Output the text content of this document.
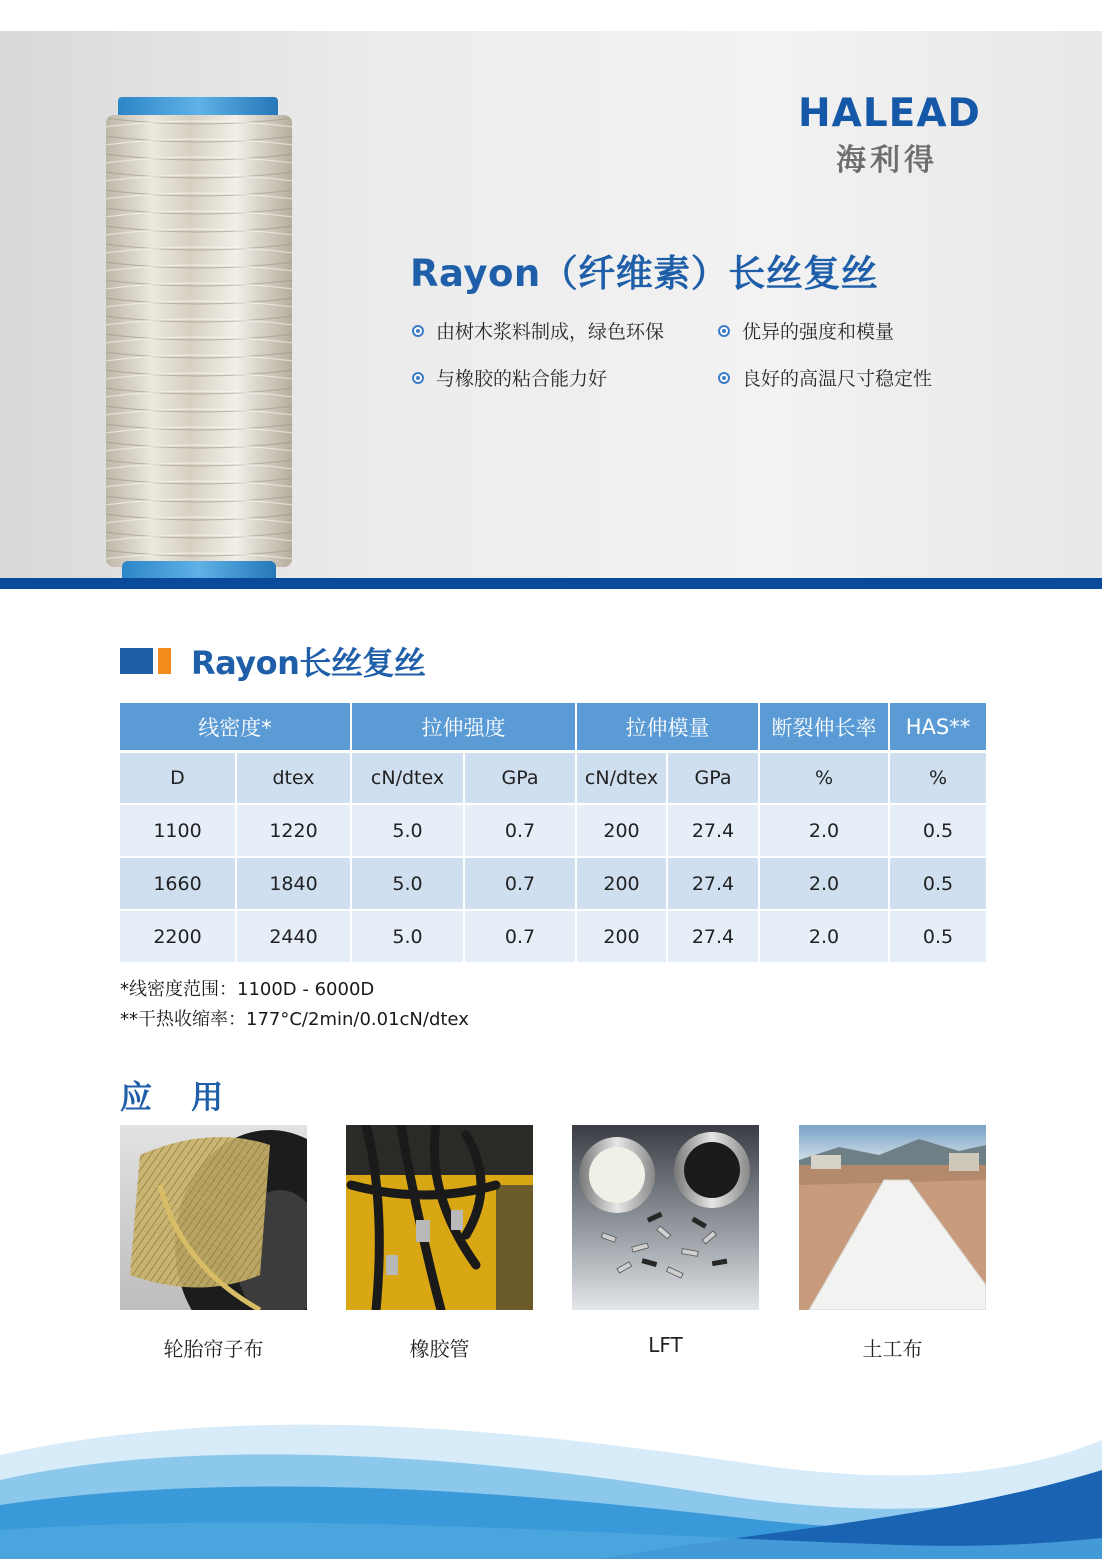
HALEAD
海利得
Rayon（纤维素）长丝复丝
由树木浆料制成，绿色环保	优异的强度和模量
与橡胶的粘合能力好	良好的高温尺寸稳定性
Rayon长丝复丝
线密度*		拉伸强度		拉伸模量		断裂伸长率	HAS**
D	dtex	cN/dtex	GPa	cN/dtex	GPa	%	%
1100	1220	5.0	0.7	200	27.4	2.0	0.5
1660	1840	5.0	0.7	200	27.4	2.0	0.5
2200	2440	5.0	0.7	200	27.4	2.0	0.5
*线密度范围：1100D - 6000D
**干热收缩率：177°C/2min/0.01cN/dtex
应 用
轮胎帘子布	橡胶管	LFT	土工布
